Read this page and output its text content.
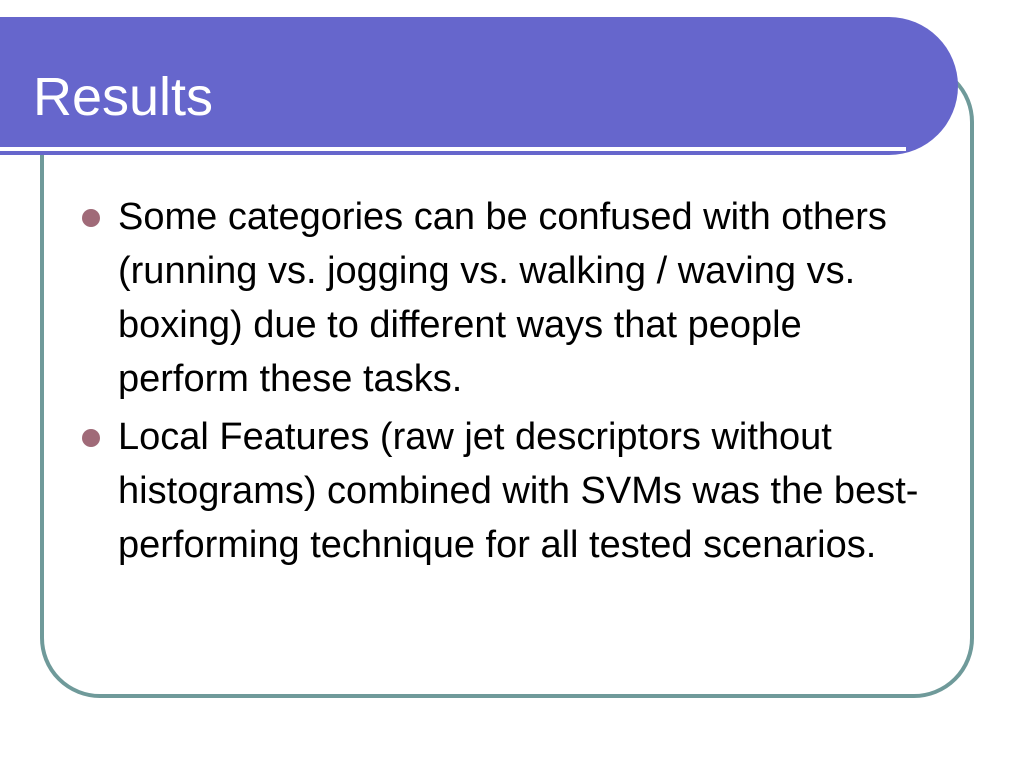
Results
Some categories can be confused with others (running vs. jogging vs. walking / waving vs. boxing) due to different ways that people perform these tasks.
Local Features (raw jet descriptors without histograms) combined with SVMs was the best-performing technique for all tested scenarios.
